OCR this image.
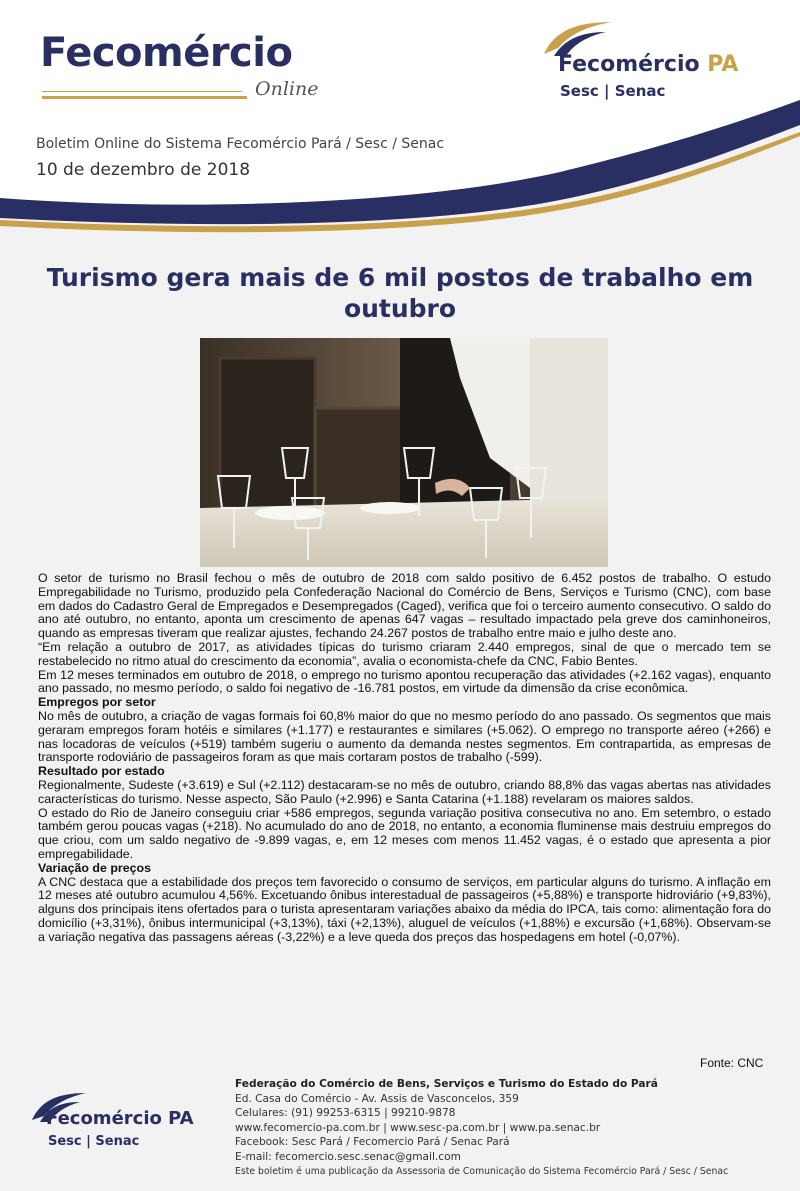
Fecomércio
Online
Fecomércio PA
Sesc | Senac
Boletim Online do Sistema Fecomércio Pará / Sesc / Senac
10 de dezembro de 2018
Turismo gera mais de 6 mil postos de trabalho em outubro

O setor de turismo no Brasil fechou o mês de outubro de 2018 com saldo positivo de 6.452 postos de trabalho. O estudo Empregabilidade no Turismo, produzido pela Confederação Nacional do Comércio de Bens, Serviços e Turismo (CNC), com base em dados do Cadastro Geral de Empregados e Desempregados (Caged), verifica que foi o terceiro aumento consecutivo. O saldo do ano até outubro, no entanto, aponta um crescimento de apenas 647 vagas – resultado impactado pela greve dos caminhoneiros, quando as empresas tiveram que realizar ajustes, fechando 24.267 postos de trabalho entre maio e julho deste ano.

“Em relação a outubro de 2017, as atividades típicas do turismo criaram 2.440 empregos, sinal de que o mercado tem se restabelecido no ritmo atual do crescimento da economia”, avalia o economista-chefe da CNC, Fabio Bentes.

Em 12 meses terminados em outubro de 2018, o emprego no turismo apontou recuperação das atividades (+2.162 vagas), enquanto ano passado, no mesmo período, o saldo foi negativo de -16.781 postos, em virtude da dimensão da crise econômica.

Empregos por setor

No mês de outubro, a criação de vagas formais foi 60,8% maior do que no mesmo período do ano passado. Os segmentos que mais geraram empregos foram hotéis e similares (+1.177) e restaurantes e similares (+5.062). O emprego no transporte aéreo (+266) e nas locadoras de veículos (+519) também sugeriu o aumento da demanda nestes segmentos. Em contrapartida, as empresas de transporte rodoviário de passageiros foram as que mais cortaram postos de trabalho (-599).

Resultado por estado

Regionalmente, Sudeste (+3.619) e Sul (+2.112) destacaram-se no mês de outubro, criando 88,8% das vagas abertas nas atividades características do turismo. Nesse aspecto, São Paulo (+2.996) e Santa Catarina (+1.188) revelaram os maiores saldos.

O estado do Rio de Janeiro conseguiu criar +586 empregos, segunda variação positiva consecutiva no ano. Em setembro, o estado também gerou poucas vagas (+218). No acumulado do ano de 2018, no entanto, a economia fluminense mais destruiu empregos do que criou, com um saldo negativo de -9.899 vagas, e, em 12 meses com menos 11.452 vagas, é o estado que apresenta a pior empregabilidade.

Variação de preços

A CNC destaca que a estabilidade dos preços tem favorecido o consumo de serviços, em particular alguns do turismo. A inflação em 12 meses até outubro acumulou 4,56%. Excetuando ônibus interestadual de passageiros (+5,88%) e transporte hidroviário (+9,83%), alguns dos principais itens ofertados para o turista apresentaram variações abaixo da média do IPCA, tais como: alimentação fora do domicílio (+3,31%), ônibus intermunicipal (+3,13%), táxi (+2,13%), aluguel de veículos (+1,88%) e excursão (+1,68%). Observam-se a variação negativa das passagens aéreas (-3,22%) e a leve queda dos preços das hospedagens em hotel (-0,07%).

Fonte: CNC
Fecomércio PA
Sesc | Senac
Federação do Comércio de Bens, Serviços e Turismo do Estado do Pará
Ed. Casa do Comércio - Av. Assis de Vasconcelos, 359
Celulares: (91) 99253-6315 | 99210-9878
www.fecomercio-pa.com.br | www.sesc-pa.com.br | www.pa.senac.br
Facebook: Sesc Pará / Fecomercio Pará / Senac Pará
E-mail: fecomercio.sesc.senac@gmail.com
Este boletim é uma publicação da Assessoria de Comunicação do Sistema Fecomércio Pará / Sesc / Senac
